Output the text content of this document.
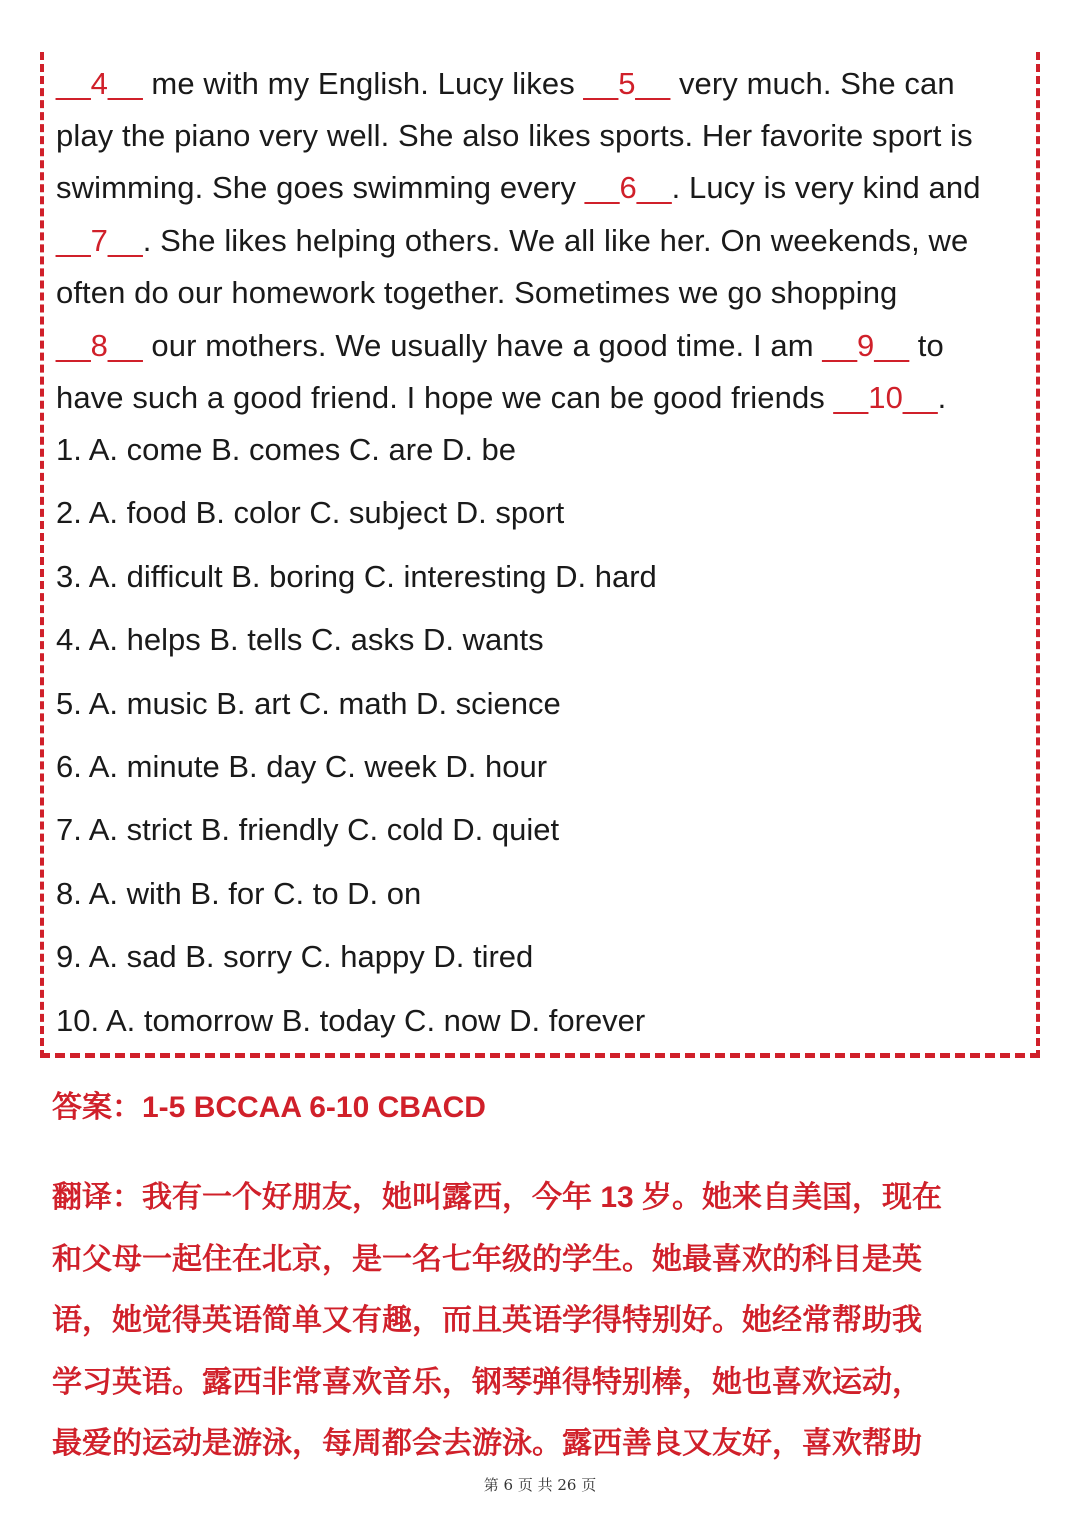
__4__ me with my English. Lucy likes __5__ very much. She can
play the piano very well. She also likes sports. Her favorite sport is
swimming. She goes swimming every __6__. Lucy is very kind and
__7__. She likes helping others. We all like her. On weekends, we
often do our homework together. Sometimes we go shopping
__8__ our mothers. We usually have a good time. I am __9__ to
have such a good friend. I hope we can be good friends __10__.
1. A. come B. comes C. are D. be
2. A. food B. color C. subject D. sport
3. A. difficult B. boring C. interesting D. hard
4. A. helps B. tells C. asks D. wants
5. A. music B. art C. math D. science
6. A. minute B. day C. week D. hour
7. A. strict B. friendly C. cold D. quiet
8. A. with B. for C. to D. on
9. A. sad B. sorry C. happy D. tired
10. A. tomorrow B. today C. now D. forever
答案：1-5 BCCAA 6-10 CBACD
翻译：我有一个好朋友，她叫露西，今年 13 岁。她来自美国，现在
和父母一起住在北京，是一名七年级的学生。她最喜欢的科目是英
语，她觉得英语简单又有趣，而且英语学得特别好。她经常帮助我
学习英语。露西非常喜欢音乐，钢琴弹得特别棒，她也喜欢运动，
最爱的运动是游泳，每周都会去游泳。露西善良又友好，喜欢帮助
第 6 页 共 26 页
